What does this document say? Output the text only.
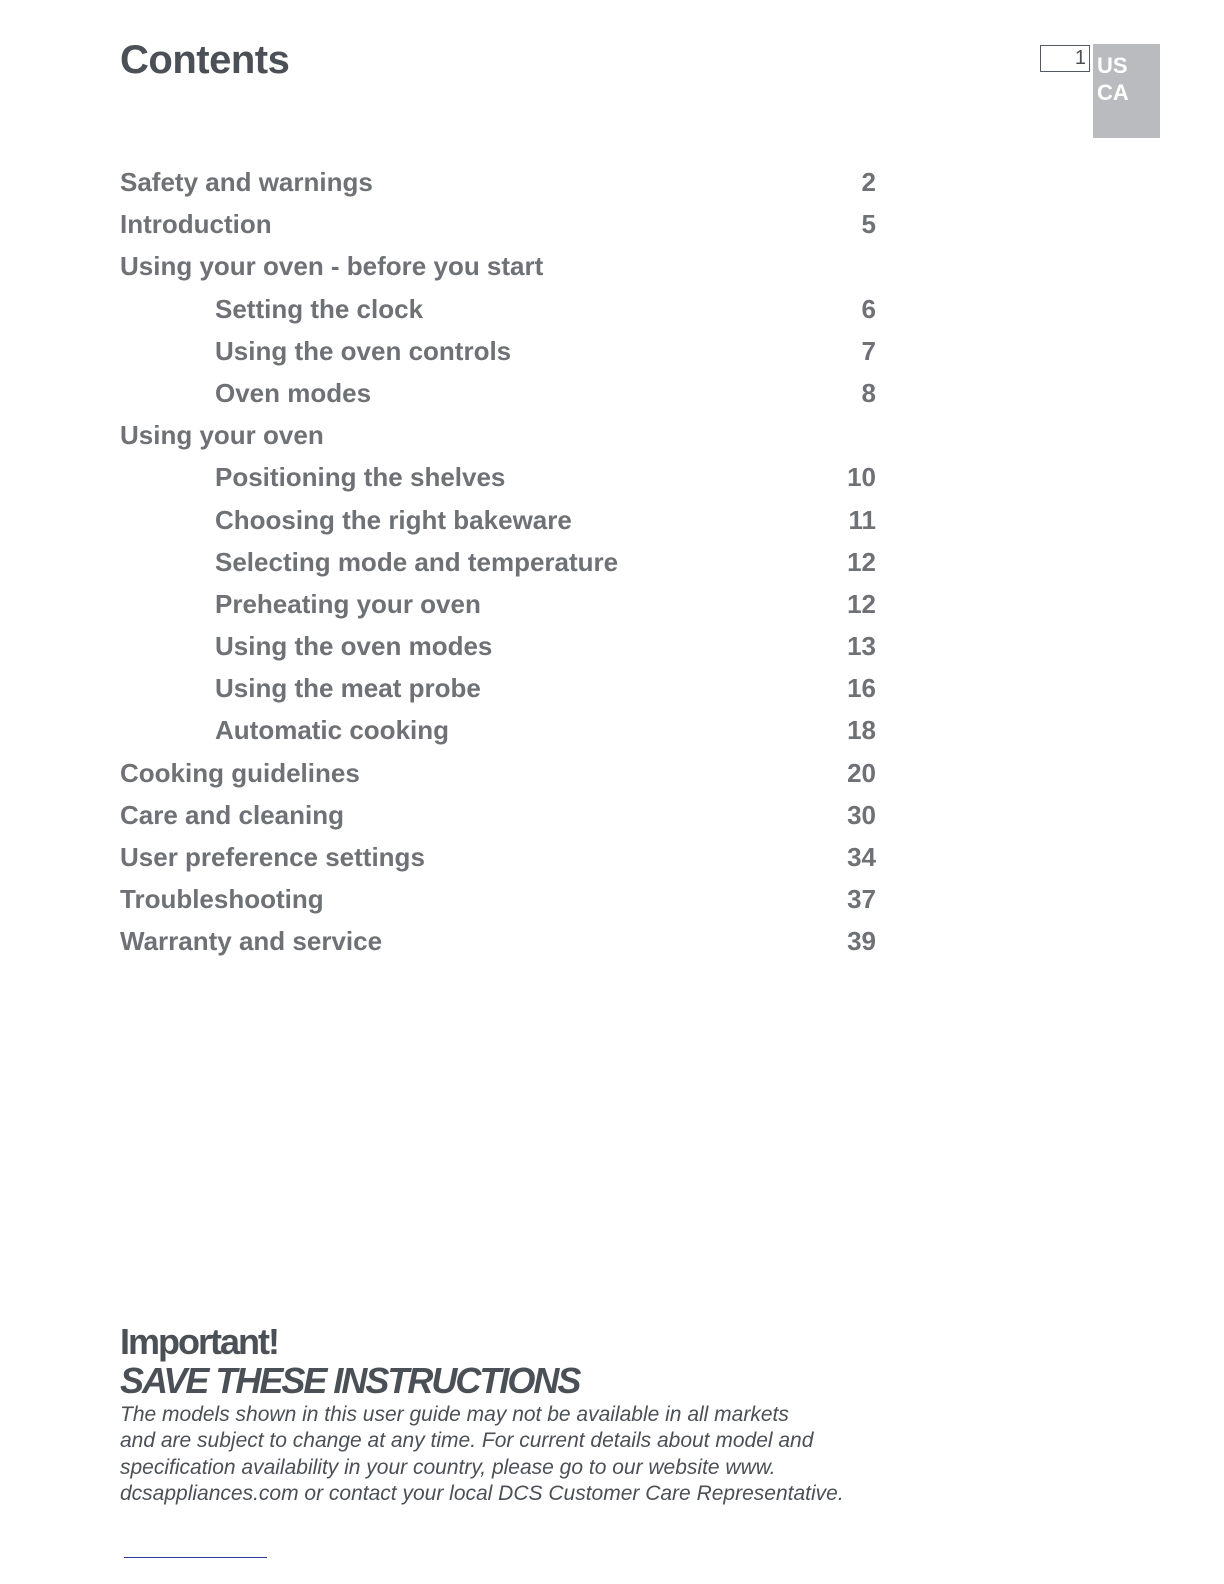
Contents	1 US
CA
Safety and warnings	2
Introduction	5
Using your oven - before you start
Setting the clock	6
Using the oven controls	7
Oven modes	8
Using your oven
Positioning the shelves	10
Choosing the right bakeware	11
Selecting mode and temperature	12
Preheating your oven	12
Using the oven modes	13
Using the meat probe	16
Automatic cooking	18
Cooking guidelines	20
Care and cleaning	30
User preference settings	34
Troubleshooting	37
Warranty and service	39
Important!
SAVE THESE INSTRUCTIONS

The models shown in this user guide may not be available in all markets
and are subject to change at any time. For current details about model and
specification availability in your country, please go to our website www.
dcsappliances.com or contact your local DCS Customer Care Representative.
